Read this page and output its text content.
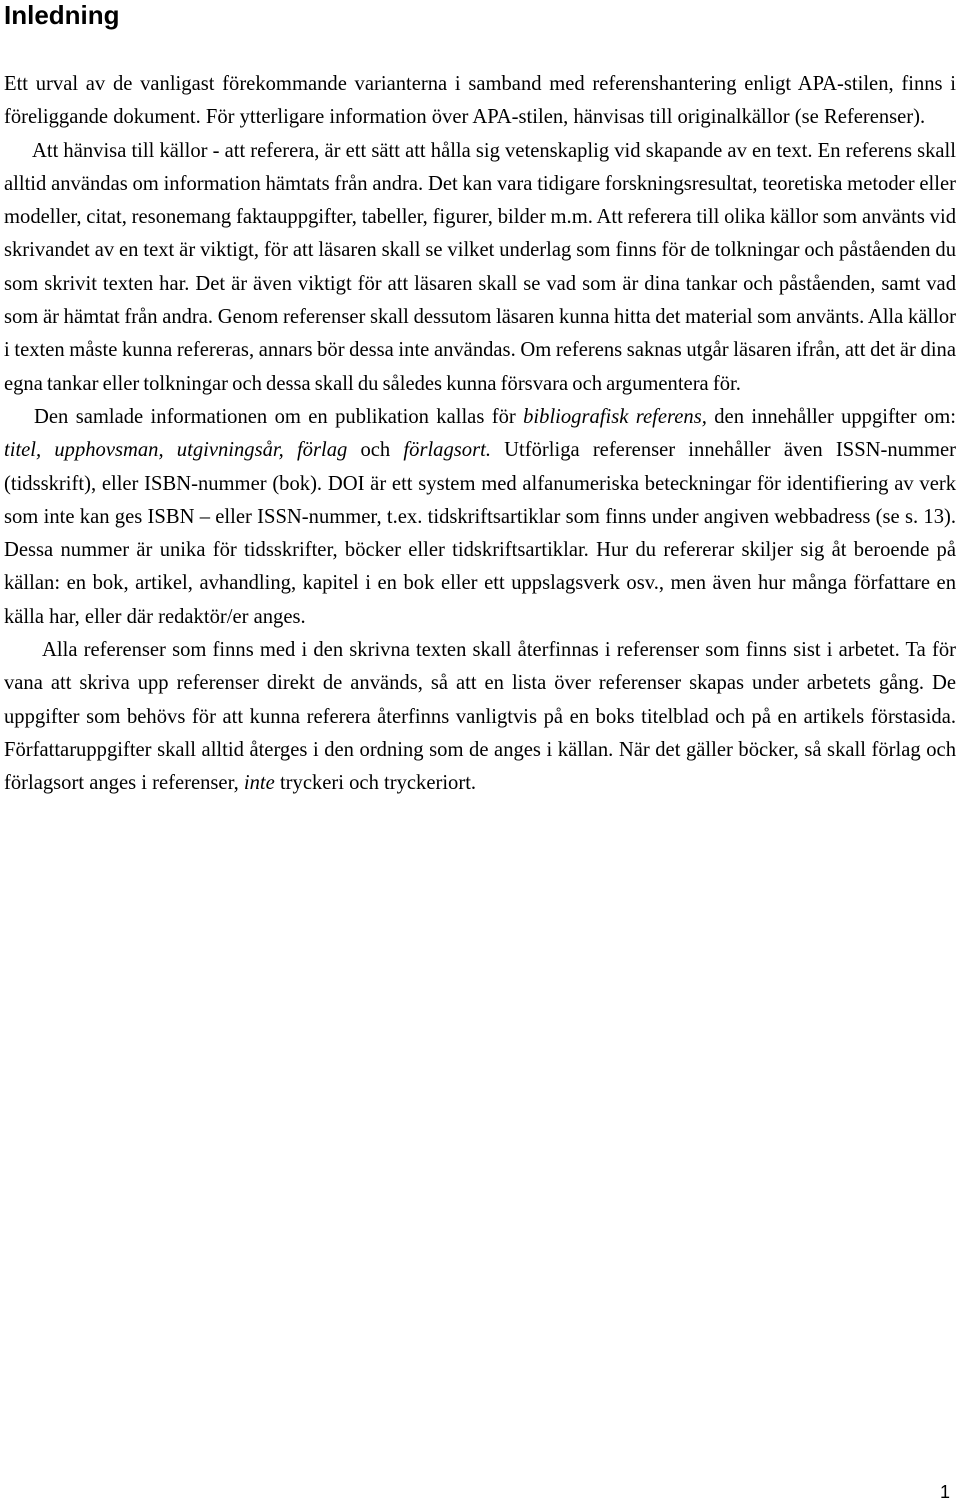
Inledning

Ett urval av de vanligast förekommande varianterna i samband med referenshantering enligt APA-stilen, finns i föreliggande dokument. För ytterligare information över APA-stilen, hänvisas till originalkällor (se Referenser).

Att hänvisa till källor - att referera, är ett sätt att hålla sig vetenskaplig vid skapande av en text. En referens skall alltid användas om information hämtats från andra. Det kan vara tidigare forskningsresultat, teoretiska metoder eller modeller, citat, resonemang faktauppgifter, tabeller, figurer, bilder m.m. Att referera till olika källor som använts vid skrivandet av en text är viktigt, för att läsaren skall se vilket underlag som finns för de tolkningar och påståenden du som skrivit texten har. Det är även viktigt för att läsaren skall se vad som är dina tankar och påståenden, samt vad som är hämtat från andra. Genom referenser skall dessutom läsaren kunna hitta det material som använts. Alla källor i texten måste kunna refereras, annars bör dessa inte användas. Om referens saknas utgår läsaren ifrån, att det är dina egna tankar eller tolkningar och dessa skall du således kunna försvara och argumentera för.

Den samlade informationen om en publikation kallas för bibliografisk referens, den innehåller uppgifter om: titel, upphovsman, utgivningsår, förlag och förlagsort. Utförliga referenser innehåller även ISSN-nummer (tidsskrift), eller ISBN-nummer (bok). DOI är ett system med alfanumeriska beteckningar för identifiering av verk som inte kan ges ISBN – eller ISSN-nummer, t.ex. tidskriftsartiklar som finns under angiven webbadress (se s. 13). Dessa nummer är unika för tidsskrifter, böcker eller tidskriftsartiklar. Hur du refererar skiljer sig åt beroende på källan: en bok, artikel, avhandling, kapitel i en bok eller ett uppslagsverk osv., men även hur många författare en källa har, eller där redaktör/er anges.

Alla referenser som finns med i den skrivna texten skall återfinnas i referenser som finns sist i arbetet. Ta för vana att skriva upp referenser direkt de används, så att en lista över referenser skapas under arbetets gång. De uppgifter som behövs för att kunna referera återfinns vanligtvis på en boks titelblad och på en artikels förstasida. Författaruppgifter skall alltid återges i den ordning som de anges i källan. När det gäller böcker, så skall förlag och förlagsort anges i referenser, inte tryckeri och tryckeriort.

1
